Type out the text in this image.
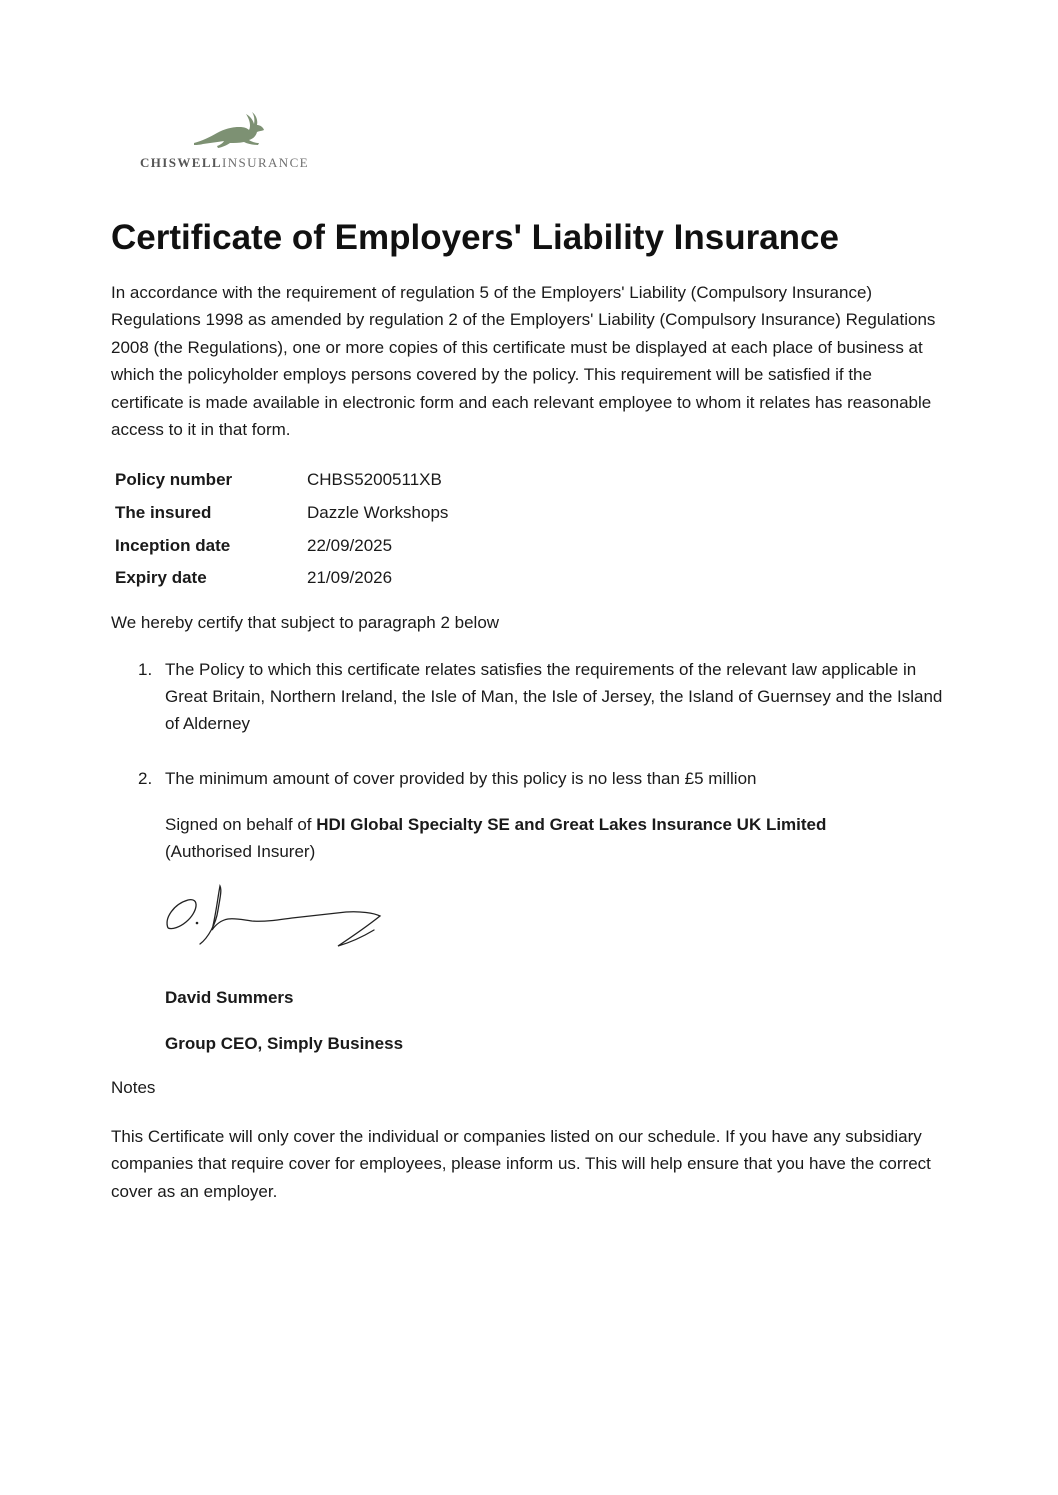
CHISWELLINSURANCE
Certificate of Employers' Liability Insurance

In accordance with the requirement of regulation 5 of the Employers' Liability (Compulsory Insurance) Regulations 1998 as amended by regulation 2 of the Employers' Liability (Compulsory Insurance) Regulations 2008 (the Regulations), one or more copies of this certificate must be displayed at each place of business at which the policyholder employs persons covered by the policy. This requirement will be satisfied if the certificate is made available in electronic form and each relevant employee to whom it relates has reasonable access to it in that form.

Policy number	CHBS5200511XB
The insured	Dazzle Workshops
Inception date	22/09/2025
Expiry date	21/09/2026

We hereby certify that subject to paragraph 2 below

1. The Policy to which this certificate relates satisfies the requirements of the relevant law applicable in Great Britain, Northern Ireland, the Isle of Man, the Isle of Jersey, the Island of Guernsey and the Island of Alderney
2. The minimum amount of cover provided by this policy is no less than £5 million

Signed on behalf of HDI Global Specialty SE and Great Lakes Insurance UK Limited
(Authorised Insurer)

David Summers

Group CEO, Simply Business

Notes

This Certificate will only cover the individual or companies listed on our schedule. If you have any subsidiary companies that require cover for employees, please inform us. This will help ensure that you have the correct cover as an employer.
